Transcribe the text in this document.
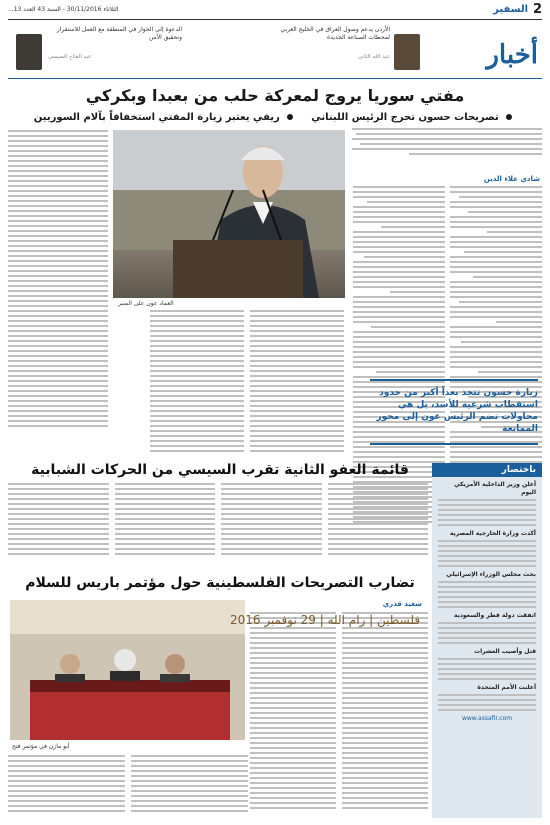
2
السفير
الثلاثاء 30/11/2016 - السنة 43 العدد 13...
أخبار
الأردن يدعم وصول العراق في الخليج العربي لمحطات الصناعة الجديدة
عبد الله الثاني
الدعوة إلى الحوار في المنطقة مع العمل للاستقرار وتحقيق الأمن
عبد الفتاح السيسي
مفتي سوريا يروج لمعركة حلب من بعبدا وبكركي
تصريحات حسون تحرج الرئيس اللبناني     ريفي يعتبر زيارة المفتي استخفافاً بآلام السوريين
شادي علاء الدين
العماد عون على المنبر
زيارة حسون تتخذ بعداً أكبر من حدود استقطاب شرعية للأسد، بل هي محاولات تضم الرئيس عون إلى محور الممانعة
قائمة العفو الثانية تقرب السيسي من الحركات الشبابية
تضارب التصريحات الفلسطينية حول مؤتمر باريس للسلام
سعيد قدري
فلسطين | رام الله | 29 نوفمبر 2016
أبو مازن في مؤتمر فتح
باختصار
أعلن وزير الداخلية الأمريكي اليوم
أكدت وزارة الخارجية المصرية
بحث مجلس الوزراء الإسرائيلي
اتفقت دولة قطر والسعودية
قتل وأصيب العشرات
أعلنت الأمم المتحدة
www.assafir.com
